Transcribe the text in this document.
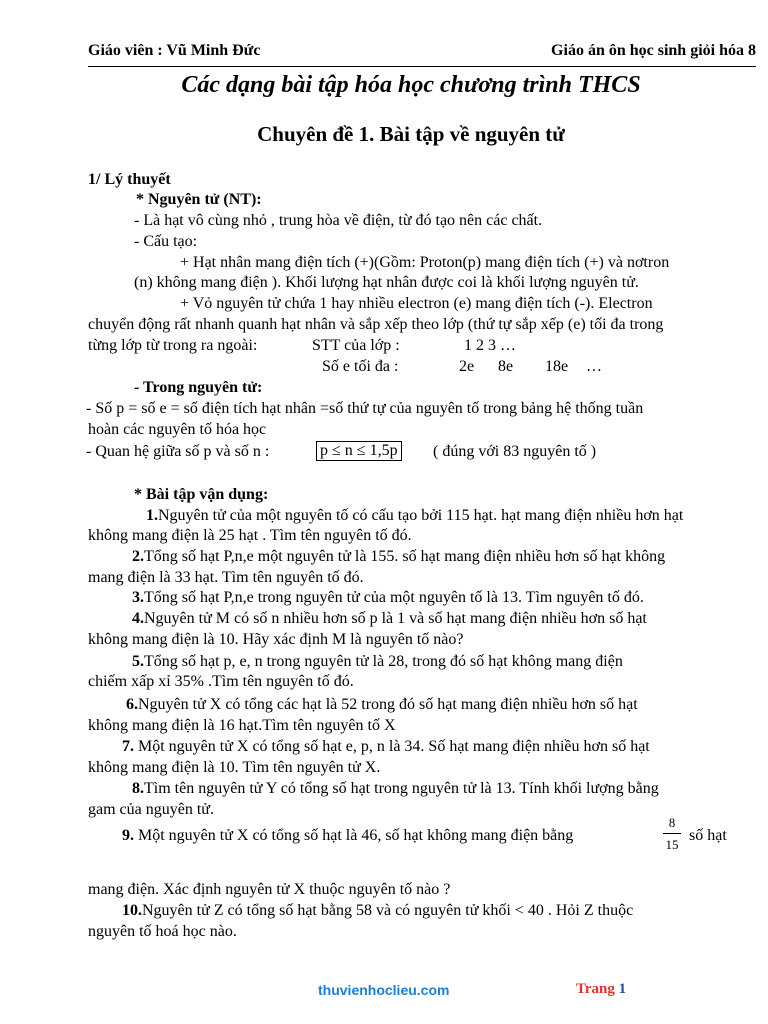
Giáo viên : Vũ Minh Đức	Giáo án ôn học sinh giỏi hóa 8
Các dạng bài tập hóa học chương trình THCS
Chuyên đề 1. Bài tập về nguyên tử
1/ Lý thuyết
* Nguyên tử (NT):
- Là hạt vô cùng nhỏ , trung hòa về điện, từ đó tạo nên các chất.
- Cấu tạo:
+ Hạt nhân mang điện tích (+)(Gồm: Proton(p) mang điện tích (+) và nơtron
(n) không mang điện ). Khối lượng hạt nhân được coi là khối lượng nguyên tử.
+ Vỏ nguyên tử chứa 1 hay nhiều electron (e) mang điện tích (-). Electron
chuyển động rất nhanh quanh hạt nhân và sắp xếp theo lớp (thứ tự sắp xếp (e) tối đa trong
từng lớp từ trong ra ngoài:	STT của lớp :	1 2 3 …
Số e tối đa :	2e 8e 18e …
- Trong nguyên tử:
- Số p = số e = số điện tích hạt nhân =số thứ tự của nguyên tố trong bảng hệ thống tuần
hoàn các nguyên tố hóa học
- Quan hệ giữa số p và số n :	p ≤ n ≤ 1,5p ( đúng với 83 nguyên tố )
* Bài tập vận dụng:
1.Nguyên tử của một nguyên tố có cấu tạo bởi 115 hạt. hạt mang điện nhiều hơn hạt
không mang điện là 25 hạt . Tìm tên nguyên tố đó.
2.Tổng số hạt P,n,e một nguyên tử là 155. số hạt mang điện nhiều hơn số hạt không
mang điện là 33 hạt. Tìm tên nguyên tố đó.
3.Tổng số hạt P,n,e trong nguyên tử của một nguyên tố là 13. Tìm nguyên tố đó.
4.Nguyên tử M có số n nhiều hơn số p là 1 và số hạt mang điện nhiều hơn số hạt
không mang điện là 10. Hãy xác định M là nguyên tố nào?
5.Tổng số hạt p, e, n trong nguyên tử là 28, trong đó số hạt không mang điện
chiếm xấp xỉ 35% .Tìm tên nguyên tố đó.
6.Nguyên tử X có tổng các hạt là 52 trong đó số hạt mang điện nhiều hơn số hạt
không mang điện là 16 hạt.Tìm tên nguyên tố X
7. Một nguyên tử X có tổng số hạt e, p, n là 34. Số hạt mang điện nhiều hơn số hạt
không mang điện là 10. Tìm tên nguyên tử X.
8.Tìm tên nguyên tử Y có tổng số hạt trong nguyên tử là 13. Tính khối lượng bằng
gam của nguyên tử.
9. Một nguyên tử X có tổng số hạt là 46, số hạt không mang điện bằng
8
15
số hạt
mang điện. Xác định nguyên tử X thuộc nguyên tố nào ?
10.Nguyên tử Z có tổng số hạt bằng 58 và có nguyên tử khối < 40 . Hỏi Z thuộc
nguyên tố hoá học nào.
thuvienhoclieu.com	Trang 1
